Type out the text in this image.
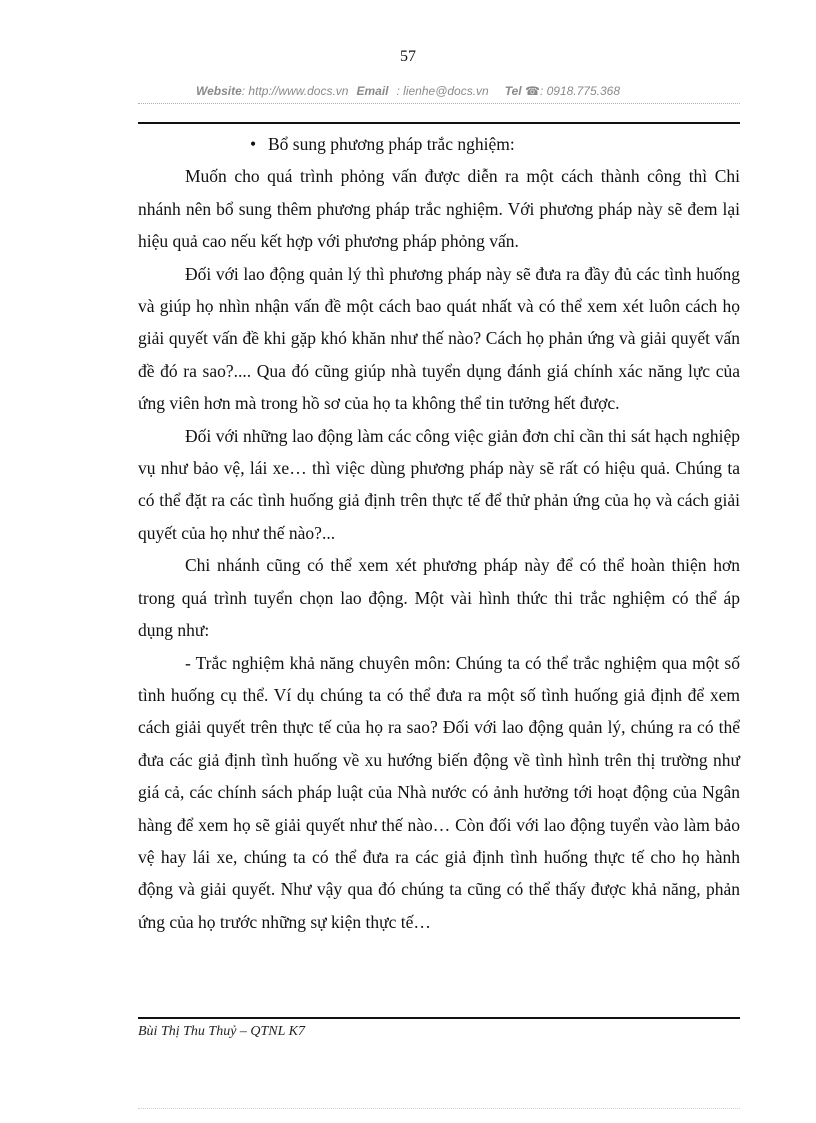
57
Website: http://www.docs.vn Email : lienhe@docs.vn Tel ☎: 0918.775.368
• Bổ sung phương pháp trắc nghiệm:

Muốn cho quá trình phỏng vấn được diễn ra một cách thành công thì Chi nhánh nên bổ sung thêm phương pháp trắc nghiệm. Với phương pháp này sẽ đem lại hiệu quả cao nếu kết hợp với phương pháp phỏng vấn.

Đối với lao động quản lý thì phương pháp này sẽ đưa ra đầy đủ các tình huống và giúp họ nhìn nhận vấn đề một cách bao quát nhất và có thể xem xét luôn cách họ giải quyết vấn đề khi gặp khó khăn như thế nào? Cách họ phản ứng và giải quyết vấn đề đó ra sao?.... Qua đó cũng giúp nhà tuyển dụng đánh giá chính xác năng lực của ứng viên hơn mà trong hồ sơ của họ ta không thể tin tưởng hết được.

Đối với những lao động làm các công việc giản đơn chỉ cần thi sát hạch nghiệp vụ như bảo vệ, lái xe… thì việc dùng phương pháp này sẽ rất có hiệu quả. Chúng ta có thể đặt ra các tình huống giả định trên thực tế để thử phản ứng của họ và cách giải quyết của họ như thế nào?...

Chi nhánh cũng có thể xem xét phương pháp này để có thể hoàn thiện hơn trong quá trình tuyển chọn lao động. Một vài hình thức thi trắc nghiệm có thể áp dụng như:

- Trắc nghiệm khả năng chuyên môn: Chúng ta có thể trắc nghiệm qua một số tình huống cụ thể. Ví dụ chúng ta có thể đưa ra một số tình huống giả định để xem cách giải quyết trên thực tế của họ ra sao? Đối với lao động quản lý, chúng ra có thể đưa các giả định tình huống về xu hướng biến động về tình hình trên thị trường như giá cả, các chính sách pháp luật của Nhà nước có ảnh hưởng tới hoạt động của Ngân hàng để xem họ sẽ giải quyết như thế nào… Còn đối với lao động tuyển vào làm bảo vệ hay lái xe, chúng ta có thể đưa ra các giả định tình huống thực tế cho họ hành động và giải quyết. Như vậy qua đó chúng ta cũng có thể thấy được khả năng, phản ứng của họ trước những sự kiện thực tế…

Bùi Thị Thu Thuỷ – QTNL K7
